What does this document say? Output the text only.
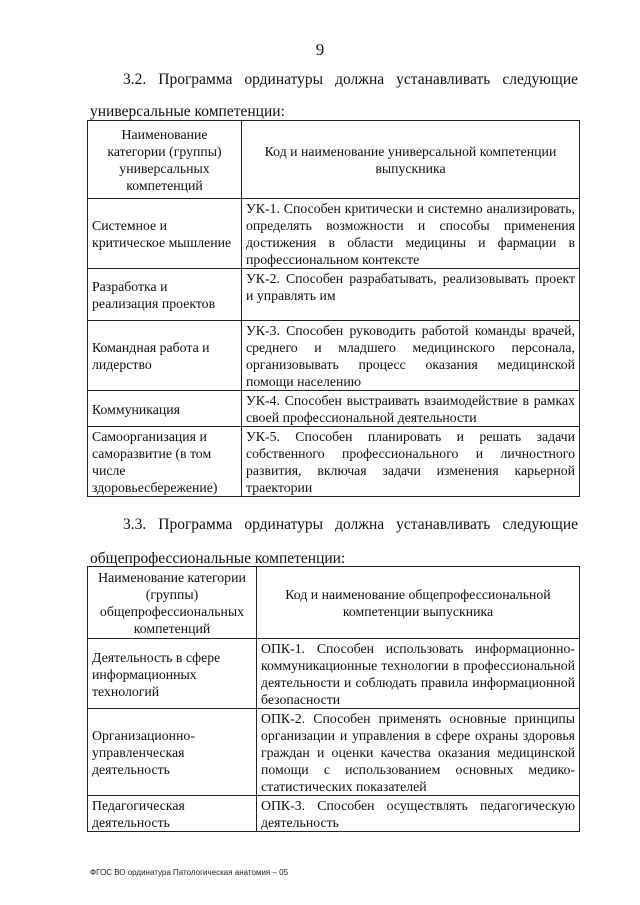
9
3.2. Программа ординатуры должна устанавливать следующие
универсальные компетенции:
Наименование категории (группы) универсальных компетенций	Код и наименование универсальной компетенции выпускника
Системное и критическое мышление	УК-1. Способен критически и системно анализировать, определять возможности и способы применения достижения в области медицины и фармации в профессиональном контексте
Разработка и реализация проектов	УК-2. Способен разрабатывать, реализовывать проект и управлять им
Командная работа и лидерство	УК-3. Способен руководить работой команды врачей, среднего и младшего медицинского персонала, организовывать процесс оказания медицинской помощи населению
Коммуникация	УК-4. Способен выстраивать взаимодействие в рамках своей профессиональной деятельности
Самоорганизация и саморазвитие (в том числе здоровьесбережение)	УК-5. Способен планировать и решать задачи собственного профессионального и личностного развития, включая задачи изменения карьерной траектории
3.3. Программа ординатуры должна устанавливать следующие
общепрофессиональные компетенции:
Наименование категории (группы) общепрофессиональных компетенций	Код и наименование общепрофессиональной компетенции выпускника
Деятельность в сфере информационных технологий	ОПК-1. Способен использовать информационно-коммуникационные технологии в профессиональной деятельности и соблюдать правила информационной безопасности
Организационно-управленческая деятельность	ОПК-2. Способен применять основные принципы организации и управления в сфере охраны здоровья граждан и оценки качества оказания медицинской помощи с использованием основных медико-статистических показателей
Педагогическая деятельность	ОПК-3. Способен осуществлять педагогическую деятельность
ФГОС ВО ординатура Патологическая анатомия – 05
